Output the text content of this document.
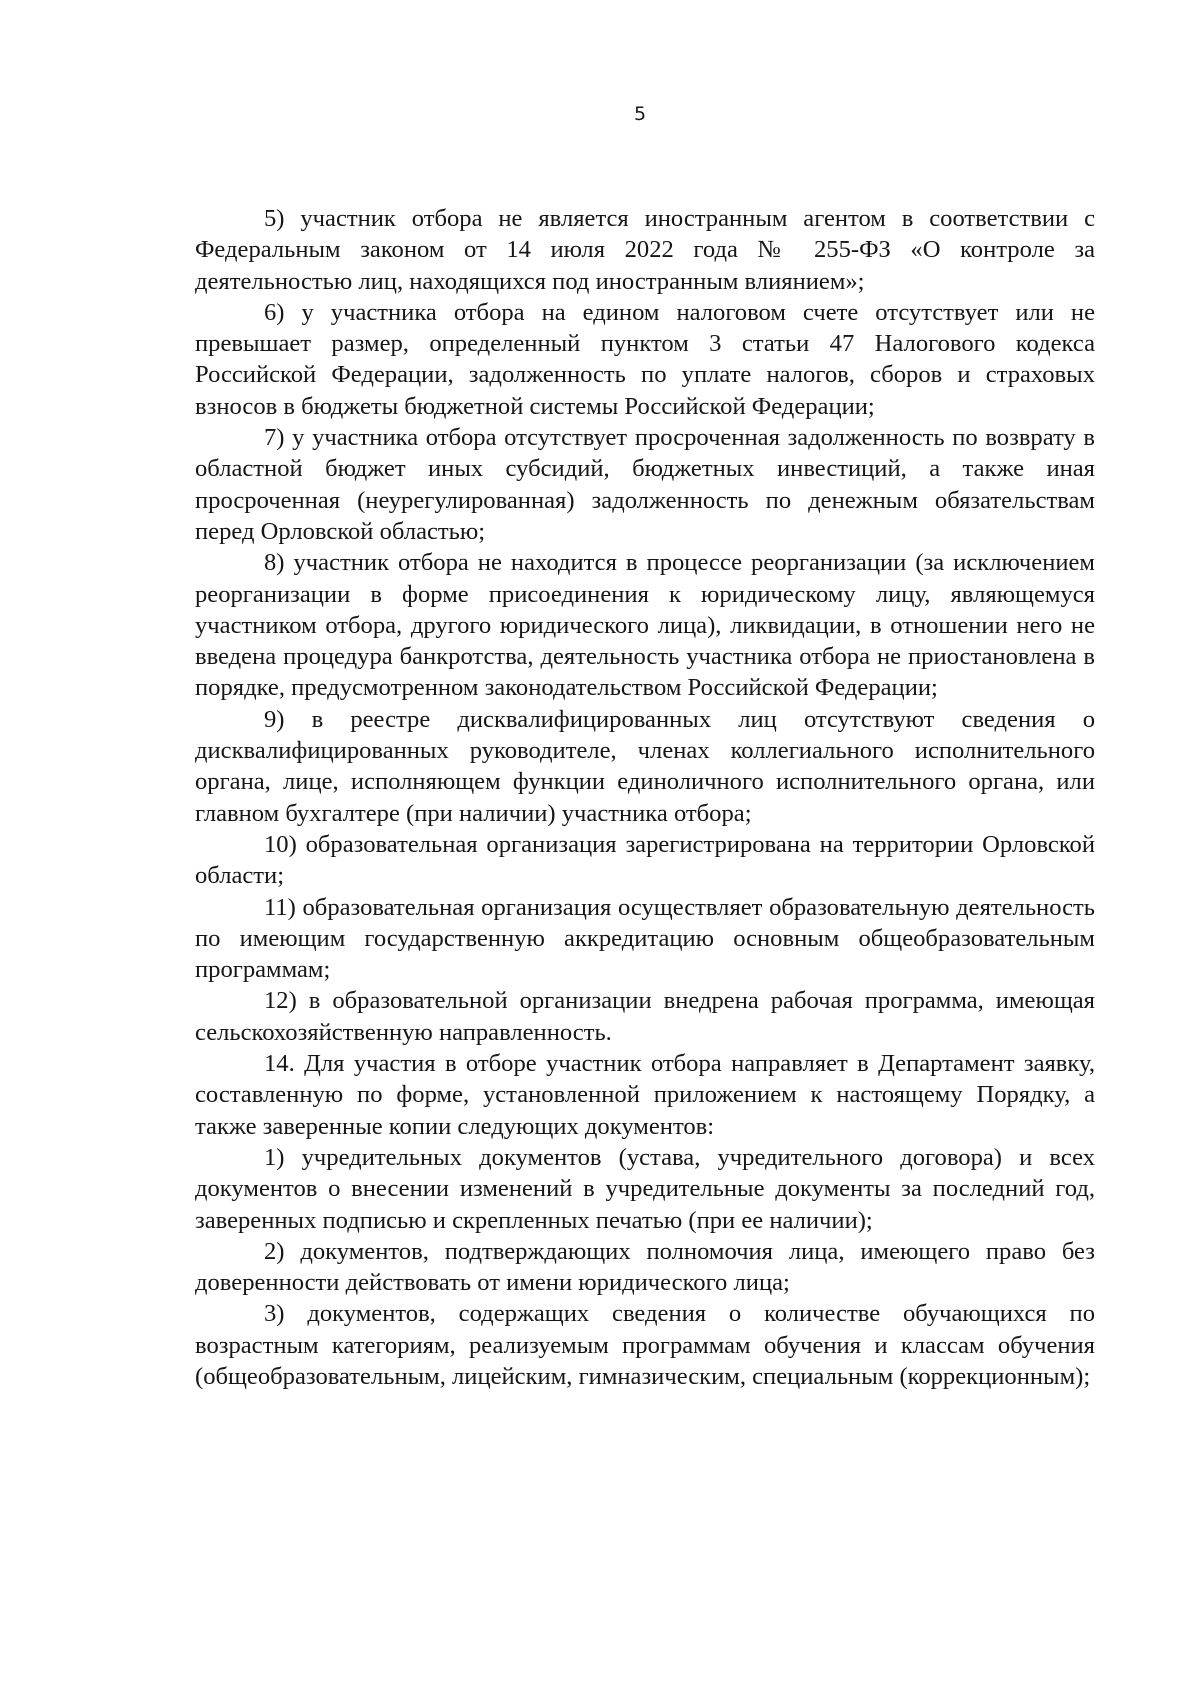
5

5) участник отбора не является иностранным агентом в соответствии с Федеральным законом от 14 июля 2022 года № 255-ФЗ «О контроле за деятельностью лиц, находящихся под иностранным влиянием»;

6) у участника отбора на едином налоговом счете отсутствует или не превышает размер, определенный пунктом 3 статьи 47 Налогового кодекса Российской Федерации, задолженность по уплате налогов, сборов и страховых взносов в бюджеты бюджетной системы Российской Федерации;

7) у участника отбора отсутствует просроченная задолженность по возврату в областной бюджет иных субсидий, бюджетных инвестиций, а также иная просроченная (неурегулированная) задолженность по денежным обязательствам перед Орловской областью;

8) участник отбора не находится в процессе реорганизации (за исключением реорганизации в форме присоединения к юридическому лицу, являющемуся участником отбора, другого юридического лица), ликвидации, в отношении него не введена процедура банкротства, деятельность участника отбора не приостановлена в порядке, предусмотренном законодательством Российской Федерации;

9) в реестре дисквалифицированных лиц отсутствуют сведения о дисквалифицированных руководителе, членах коллегиального исполнительного органа, лице, исполняющем функции единоличного исполнительного органа, или главном бухгалтере (при наличии) участника отбора;

10) образовательная организация зарегистрирована на территории Орловской области;

11) образовательная организация осуществляет образовательную деятельность по имеющим государственную аккредитацию основным общеобразовательным программам;

12) в образовательной организации внедрена рабочая программа, имеющая сельскохозяйственную направленность.

14. Для участия в отборе участник отбора направляет в Департамент заявку, составленную по форме, установленной приложением к настоящему Порядку, а также заверенные копии следующих документов:

1) учредительных документов (устава, учредительного договора) и всех документов о внесении изменений в учредительные документы за последний год, заверенных подписью и скрепленных печатью (при ее наличии);

2) документов, подтверждающих полномочия лица, имеющего право без доверенности действовать от имени юридического лица;

3) документов, содержащих сведения о количестве обучающихся по возрастным категориям, реализуемым программам обучения и классам обучения (общеобразовательным, лицейским, гимназическим, специальным (коррекционным);
